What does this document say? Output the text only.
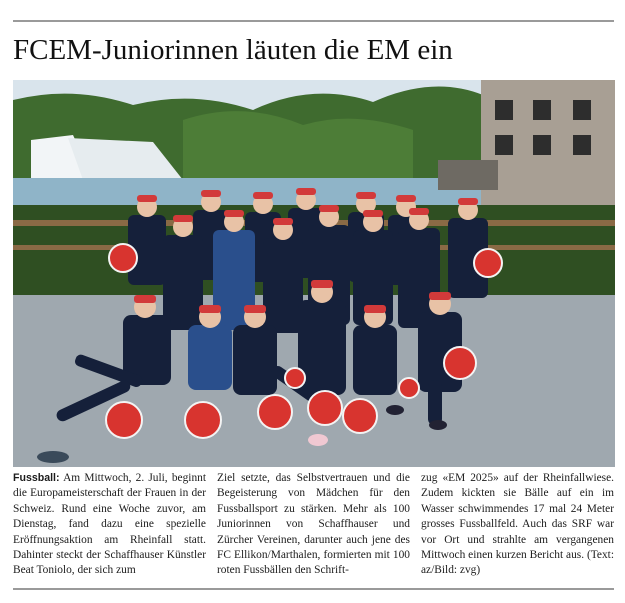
FCEM-Juniorinnen läuten die EM ein
Fussball: Am Mittwoch, 2. Juli, beginnt die Europameisterschaft der Frauen in der Schweiz. Rund eine Woche zuvor, am Dienstag, fand dazu eine spezielle Eröffnungsaktion am Rheinfall statt. Dahinter steckt der Schaffhauser Künstler Beat Toniolo, der sich zum
Ziel setzte, das Selbstvertrauen und die Begeisterung von Mädchen für den Fussballsport zu stärken. Mehr als 100 Juniorinnen von Schaffhauser und Zürcher Vereinen, darunter auch jene des FC Ellikon/Marthalen, formierten mit 100 roten Fussbällen den Schrift-
zug «EM 2025» auf der Rheinfallwiese. Zudem kickten sie Bälle auf ein im Wasser schwimmendes 17 mal 24 Meter grosses Fussballfeld. Auch das SRF war vor Ort und strahlte am vergangenen Mittwoch einen kurzen Bericht aus. (Text: az/Bild: zvg)
